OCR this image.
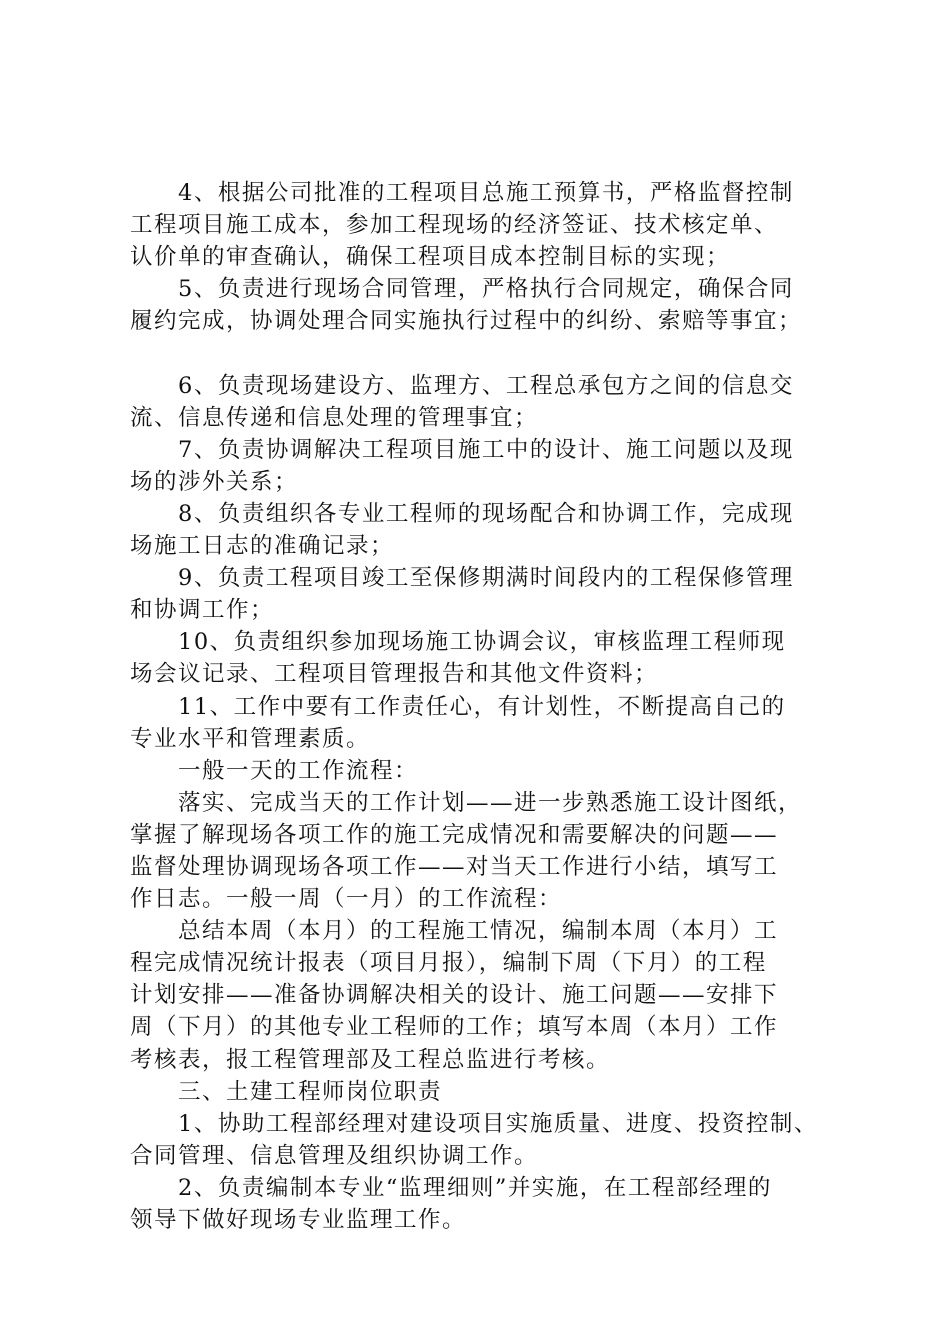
4、根据公司批准的工程项目总施工预算书，严格监督控制
工程项目施工成本，参加工程现场的经济签证、技术核定单、
认价单的审查确认，确保工程项目成本控制目标的实现；
5、负责进行现场合同管理，严格执行合同规定，确保合同
履约完成，协调处理合同实施执行过程中的纠纷、索赔等事宜；
6、负责现场建设方、监理方、工程总承包方之间的信息交
流、信息传递和信息处理的管理事宜；
7、负责协调解决工程项目施工中的设计、施工问题以及现
场的涉外关系；
8、负责组织各专业工程师的现场配合和协调工作，完成现
场施工日志的准确记录；
9、负责工程项目竣工至保修期满时间段内的工程保修管理
和协调工作；
10、负责组织参加现场施工协调会议，审核监理工程师现
场会议记录、工程项目管理报告和其他文件资料；
11、工作中要有工作责任心，有计划性，不断提高自己的
专业水平和管理素质。
一般一天的工作流程：
落实、完成当天的工作计划——进一步熟悉施工设计图纸，
掌握了解现场各项工作的施工完成情况和需要解决的问题——
监督处理协调现场各项工作——对当天工作进行小结，填写工
作日志。一般一周（一月）的工作流程：
总结本周（本月）的工程施工情况，编制本周（本月）工
程完成情况统计报表（项目月报），编制下周（下月）的工程
计划安排——准备协调解决相关的设计、施工问题——安排下
周（下月）的其他专业工程师的工作；填写本周（本月）工作
考核表，报工程管理部及工程总监进行考核。
三、土建工程师岗位职责
1、协助工程部经理对建设项目实施质量、进度、投资控制、
合同管理、信息管理及组织协调工作。
2、负责编制本专业“监理细则”并实施，在工程部经理的
领导下做好现场专业监理工作。
